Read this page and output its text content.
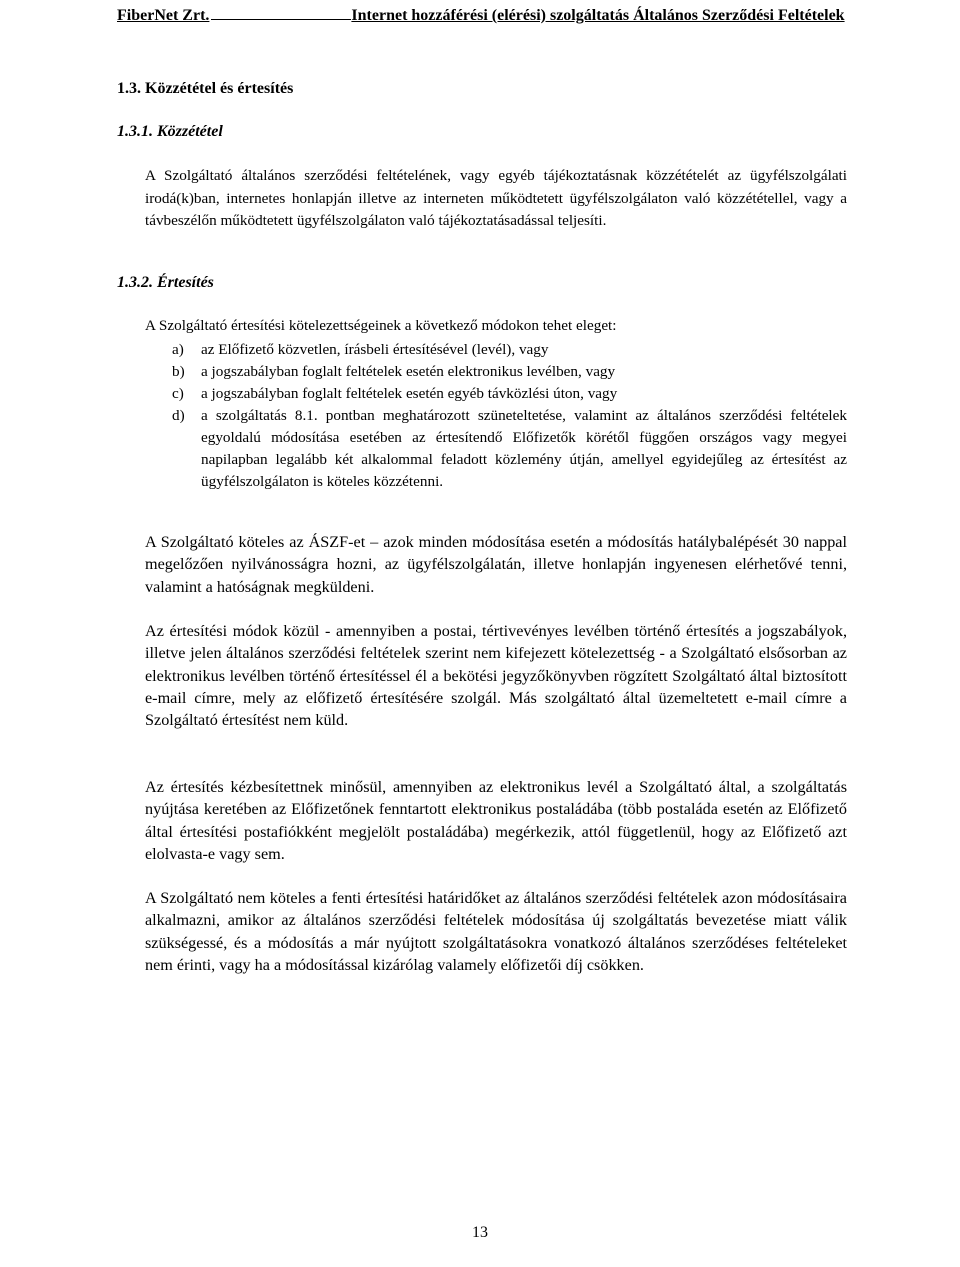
FiberNet Zrt.	Internet hozzáférési (elérési) szolgáltatás Általános Szerződési Feltételek
1.3. Közzététel és értesítés
1.3.1. Közzététel

A Szolgáltató általános szerződési feltételének, vagy egyéb tájékoztatásnak közzétételét az ügyfélszolgálati irodá(k)ban, internetes honlapján illetve az interneten működtetett ügyfélszolgálaton való közzététellel, vagy a távbeszélőn működtetett ügyfélszolgálaton való tájékoztatásadással teljesíti.

1.3.2. Értesítés

A Szolgáltató értesítési kötelezettségeinek a következő módokon tehet eleget:

a) az Előfizető közvetlen, írásbeli értesítésével (levél), vagy
b) a jogszabályban foglalt feltételek esetén elektronikus levélben, vagy
c) a jogszabályban foglalt feltételek esetén egyéb távközlési úton, vagy
d) a szolgáltatás 8.1. pontban meghatározott szüneteltetése, valamint az általános szerződési feltételek egyoldalú módosítása esetében az értesítendő Előfizetők körétől függően országos vagy megyei napilapban legalább két alkalommal feladott közlemény útján, amellyel egyidejűleg az értesítést az ügyfélszolgálaton is köteles közzétenni.

A Szolgáltató köteles az ÁSZF-et – azok minden módosítása esetén a módosítás hatálybalépését 30 nappal megelőzően nyilvánosságra hozni, az ügyfélszolgálatán, illetve honlapján ingyenesen elérhetővé tenni, valamint a hatóságnak megküldeni.

Az értesítési módok közül - amennyiben a postai, tértivevényes levélben történő értesítés a jogszabályok, illetve jelen általános szerződési feltételek szerint nem kifejezett kötelezettség - a Szolgáltató elsősorban az elektronikus levélben történő értesítéssel él a bekötési jegyzőkönyvben rögzített Szolgáltató által biztosított e-mail címre, mely az előfizető értesítésére szolgál. Más szolgáltató által üzemeltetett e-mail címre a Szolgáltató értesítést nem küld.

Az értesítés kézbesítettnek minősül, amennyiben az elektronikus levél a Szolgáltató által, a szolgáltatás nyújtása keretében az Előfizetőnek fenntartott elektronikus postaládába (több postaláda esetén az Előfizető által értesítési postafiókként megjelölt postaládába) megérkezik, attól függetlenül, hogy az Előfizető azt elolvasta-e vagy sem.

A Szolgáltató nem köteles a fenti értesítési határidőket az általános szerződési feltételek azon módosításaira alkalmazni, amikor az általános szerződési feltételek módosítása új szolgáltatás bevezetése miatt válik szükségessé, és a módosítás a már nyújtott szolgáltatásokra vonatkozó általános szerződéses feltételeket nem érinti, vagy ha a módosítással kizárólag valamely előfizetői díj csökken.

13
